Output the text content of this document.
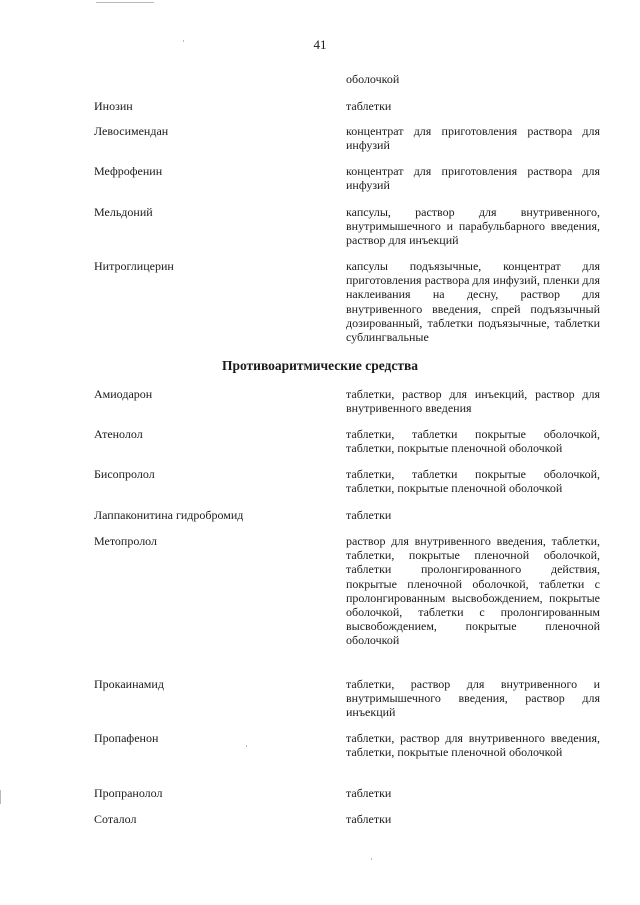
41
оболочкой
Инозин	таблетки
Левосимендан	концентрат для приготовления раствора для инфузий
Мефрофенин	концентрат для приготовления раствора для инфузий
Мельдоний	капсулы, раствор для внутривенного, внутримышечного и парабульбарного введения, раствор для инъекций
Нитроглицерин	капсулы подъязычные, концентрат для приготовления раствора для инфузий, пленки для наклеивания на десну, раствор для внутривенного введения, спрей подъязычный дозированный, таблетки подъязычные, таблетки сублингвальные
Противоаритмические средства
Амиодарон	таблетки, раствор для инъекций, раствор для внутривенного введения
Атенолол	таблетки, таблетки покрытые оболочкой, таблетки, покрытые пленочной оболочкой
Бисопролол	таблетки, таблетки покрытые оболочкой, таблетки, покрытые пленочной оболочкой
Лаппаконитина гидробромид	таблетки
Метопролол	раствор для внутривенного введения, таблетки, таблетки, покрытые пленочной оболочкой, таблетки пролонгированного действия, покрытые пленочной оболочкой, таблетки с пролонгированным высвобождением, покрытые оболочкой, таблетки с пролонгированным высвобождением, покрытые пленочной оболочкой
Прокаинамид	таблетки, раствор для внутривенного и внутримышечного введения, раствор для инъекций
Пропафенон	таблетки, раствор для внутривенного введения, таблетки, покрытые пленочной оболочкой
Пропранолол	таблетки
Соталол	таблетки
